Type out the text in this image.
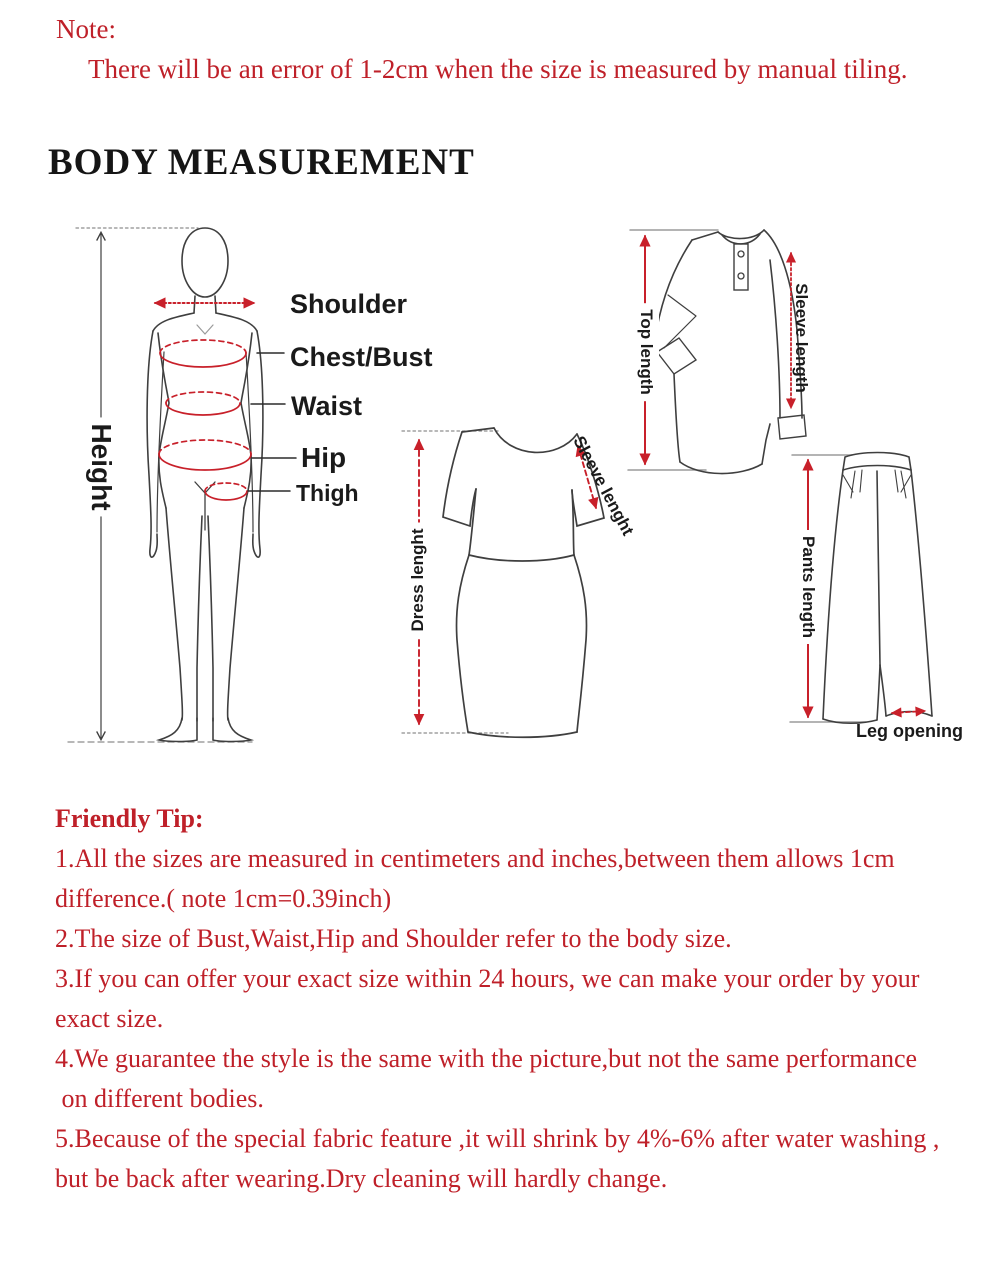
Note:
There will be an error of 1-2cm when the size is measured by manual tiling.
BODY MEASUREMENT
Height
Shoulder
Chest/Bust
Waist
Hip
Thigh
Dress lenght
Sleeve lenght
Top length	Sleeve length
Pants length
Leg opening
Friendly Tip:
1.All the sizes are measured in centimeters and inches,between them allows 1cm
difference.( note 1cm=0.39inch)
2.The size of Bust,Waist,Hip and Shoulder refer to the body size.
3.If you can offer your exact size within 24 hours, we can make your order by your
exact size.
4.We guarantee the style is the same with the picture,but not the same performance
on different bodies.
5.Because of the special fabric feature ,it will shrink by 4%-6% after water washing ,
but be back after wearing.Dry cleaning will hardly change.
